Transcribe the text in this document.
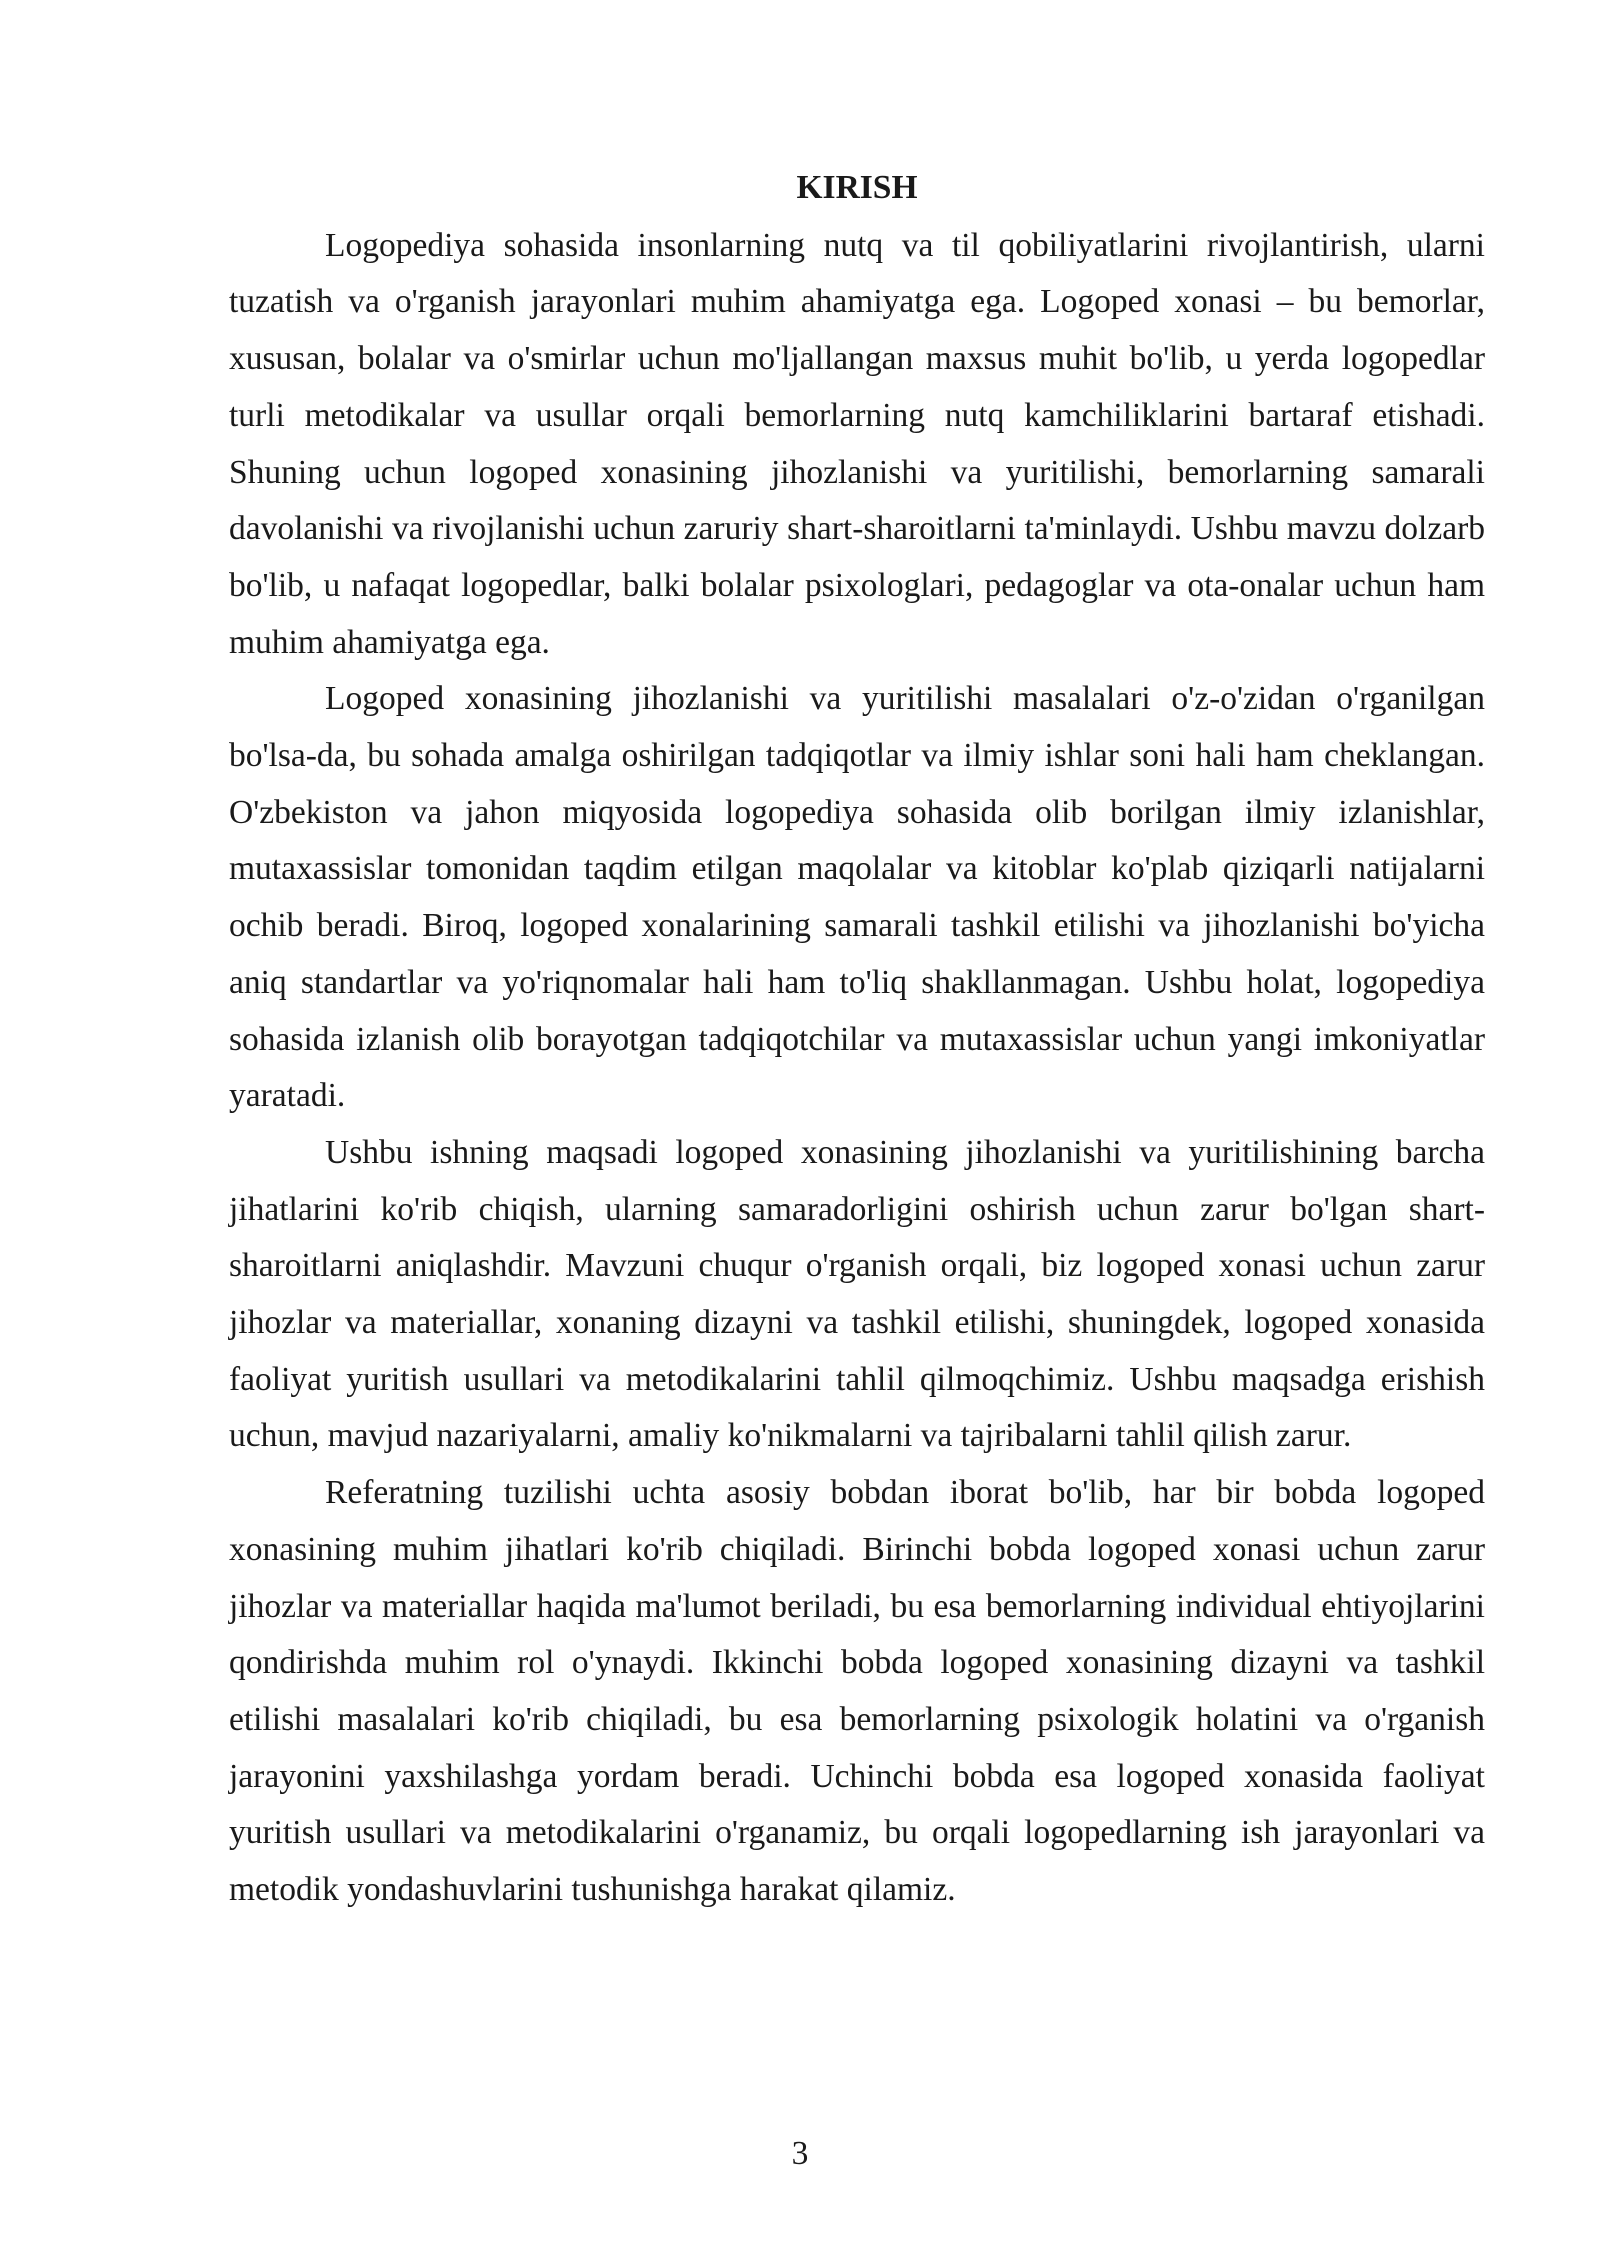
KIRISH

Logopediya sohasida insonlarning nutq va til qobiliyatlarini rivojlantirish, ularni tuzatish va o'rganish jarayonlari muhim ahamiyatga ega. Logoped xonasi – bu bemorlar, xususan, bolalar va o'smirlar uchun mo'ljallangan maxsus muhit bo'lib, u yerda logopedlar turli metodikalar va usullar orqali bemorlarning nutq kamchiliklarini bartaraf etishadi. Shuning uchun logoped xonasining jihozlanishi va yuritilishi, bemorlarning samarali davolanishi va rivojlanishi uchun zaruriy shart-sharoitlarni ta'minlaydi. Ushbu mavzu dolzarb bo'lib, u nafaqat logopedlar, balki bolalar psixologlari, pedagoglar va ota-onalar uchun ham muhim ahamiyatga ega.

Logoped xonasining jihozlanishi va yuritilishi masalalari o'z-o'zidan o'rganilgan bo'lsa-da, bu sohada amalga oshirilgan tadqiqotlar va ilmiy ishlar soni hali ham cheklangan. O'zbekiston va jahon miqyosida logopediya sohasida olib borilgan ilmiy izlanishlar, mutaxassislar tomonidan taqdim etilgan maqolalar va kitoblar ko'plab qiziqarli natijalarni ochib beradi. Biroq, logoped xonalarining samarali tashkil etilishi va jihozlanishi bo'yicha aniq standartlar va yo'riqnomalar hali ham to'liq shakllanmagan. Ushbu holat, logopediya sohasida izlanish olib borayotgan tadqiqotchilar va mutaxassislar uchun yangi imkoniyatlar yaratadi.

Ushbu ishning maqsadi logoped xonasining jihozlanishi va yuritilishining barcha jihatlarini ko'rib chiqish, ularning samaradorligini oshirish uchun zarur bo'lgan shart-sharoitlarni aniqlashdir. Mavzuni chuqur o'rganish orqali, biz logoped xonasi uchun zarur jihozlar va materiallar, xonaning dizayni va tashkil etilishi, shuningdek, logoped xonasida faoliyat yuritish usullari va metodikalarini tahlil qilmoqchimiz. Ushbu maqsadga erishish uchun, mavjud nazariyalarni, amaliy ko'nikmalarni va tajribalarni tahlil qilish zarur.

Referatning tuzilishi uchta asosiy bobdan iborat bo'lib, har bir bobda logoped xonasining muhim jihatlari ko'rib chiqiladi. Birinchi bobda logoped xonasi uchun zarur jihozlar va materiallar haqida ma'lumot beriladi, bu esa bemorlarning individual ehtiyojlarini qondirishda muhim rol o'ynaydi. Ikkinchi bobda logoped xonasining dizayni va tashkil etilishi masalalari ko'rib chiqiladi, bu esa bemorlarning psixologik holatini va o'rganish jarayonini yaxshilashga yordam beradi. Uchinchi bobda esa logoped xonasida faoliyat yuritish usullari va metodikalarini o'rganamiz, bu orqali logopedlarning ish jarayonlari va metodik yondashuvlarini tushunishga harakat qilamiz.

3
